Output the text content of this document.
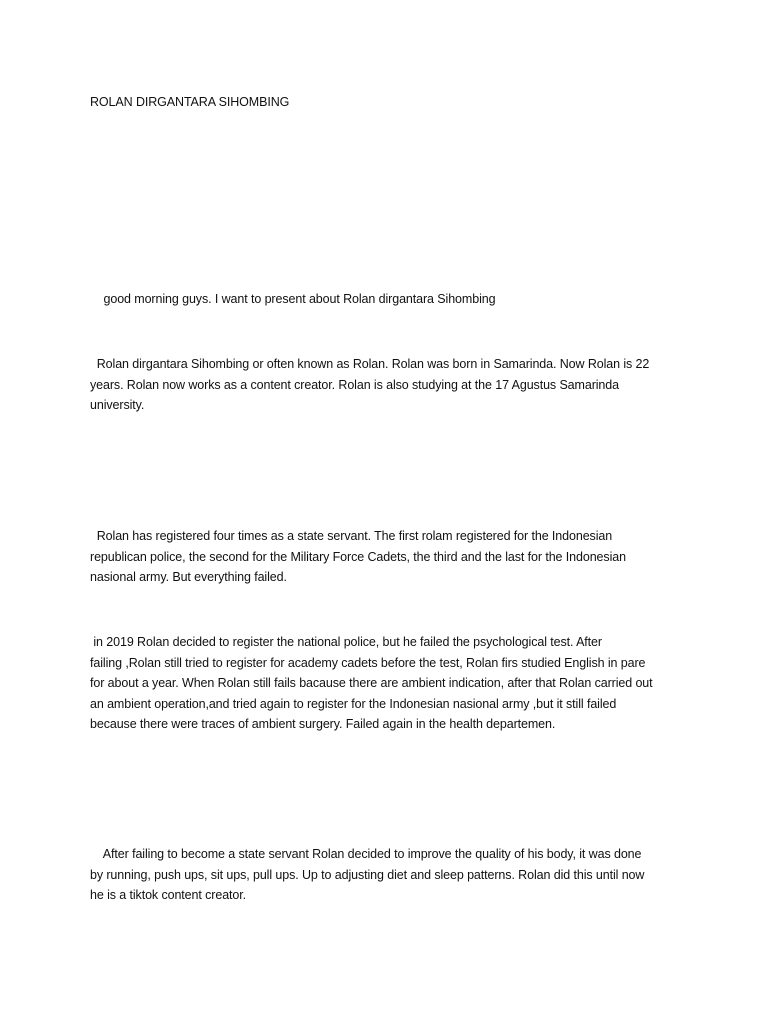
ROLAN DIRGANTARA SIHOMBING

good morning guys. I want to present about Rolan dirgantara Sihombing

Rolan dirgantara Sihombing or often known as Rolan. Rolan was born in Samarinda. Now Rolan is 22
years. Rolan now works as a content creator. Rolan is also studying at the 17 Agustus Samarinda
university.

Rolan has registered four times as a state servant. The first rolam registered for the Indonesian
republican police, the second for the Military Force Cadets, the third and the last for the Indonesian
nasional army. But everything failed.

in 2019 Rolan decided to register the national police, but he failed the psychological test. After
failing ,Rolan still tried to register for academy cadets before the test, Rolan firs studied English in pare
for about a year. When Rolan still fails bacause there are ambient indication, after that Rolan carried out
an ambient operation,and tried again to register for the Indonesian nasional army ,but it still failed
because there were traces of ambient surgery. Failed again in the health departemen.

After failing to become a state servant Rolan decided to improve the quality of his body, it was done
by running, push ups, sit ups, pull ups. Up to adjusting diet and sleep patterns. Rolan did this until now
he is a tiktok content creator.
